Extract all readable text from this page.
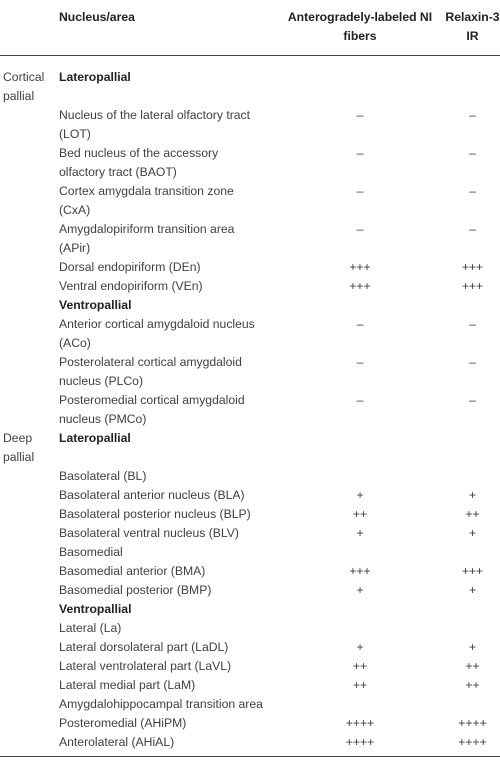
	Nucleus/area	Anterogradely-labeled NI fibers	Relaxin-3 IR
Cortical pallial	Lateropallial		
	Nucleus of the lateral olfactory tract (LOT)	–	–
	Bed nucleus of the accessory olfactory tract (BAOT)	–	–
	Cortex amygdala transition zone (CxA)	–	–
	Amygdalopiriform transition area (APir)	–	–
	Dorsal endopiriform (DEn)	+++	+++
	Ventral endopiriform (VEn)	+++	+++
	Ventropallial		
	Anterior cortical amygdaloid nucleus (ACo)	–	–
	Posterolateral cortical amygdaloid nucleus (PLCo)	–	–
	Posteromedial cortical amygdaloid nucleus (PMCo)	–	–
Deep pallial	Lateropallial		
	Basolateral (BL)		
	Basolateral anterior nucleus (BLA)	+	+
	Basolateral posterior nucleus (BLP)	++	++
	Basolateral ventral nucleus (BLV)	+	+
	Basomedial		
	Basomedial anterior (BMA)	+++	+++
	Basomedial posterior (BMP)	+	+
	Ventropallial		
	Lateral (La)		
	Lateral dorsolateral part (LaDL)	+	+
	Lateral ventrolateral part (LaVL)	++	++
	Lateral medial part (LaM)	++	++
	Amygdalohippocampal transition area		
	Posteromedial (AHiPM)	++++	++++
	Anterolateral (AHiAL)	++++	++++
